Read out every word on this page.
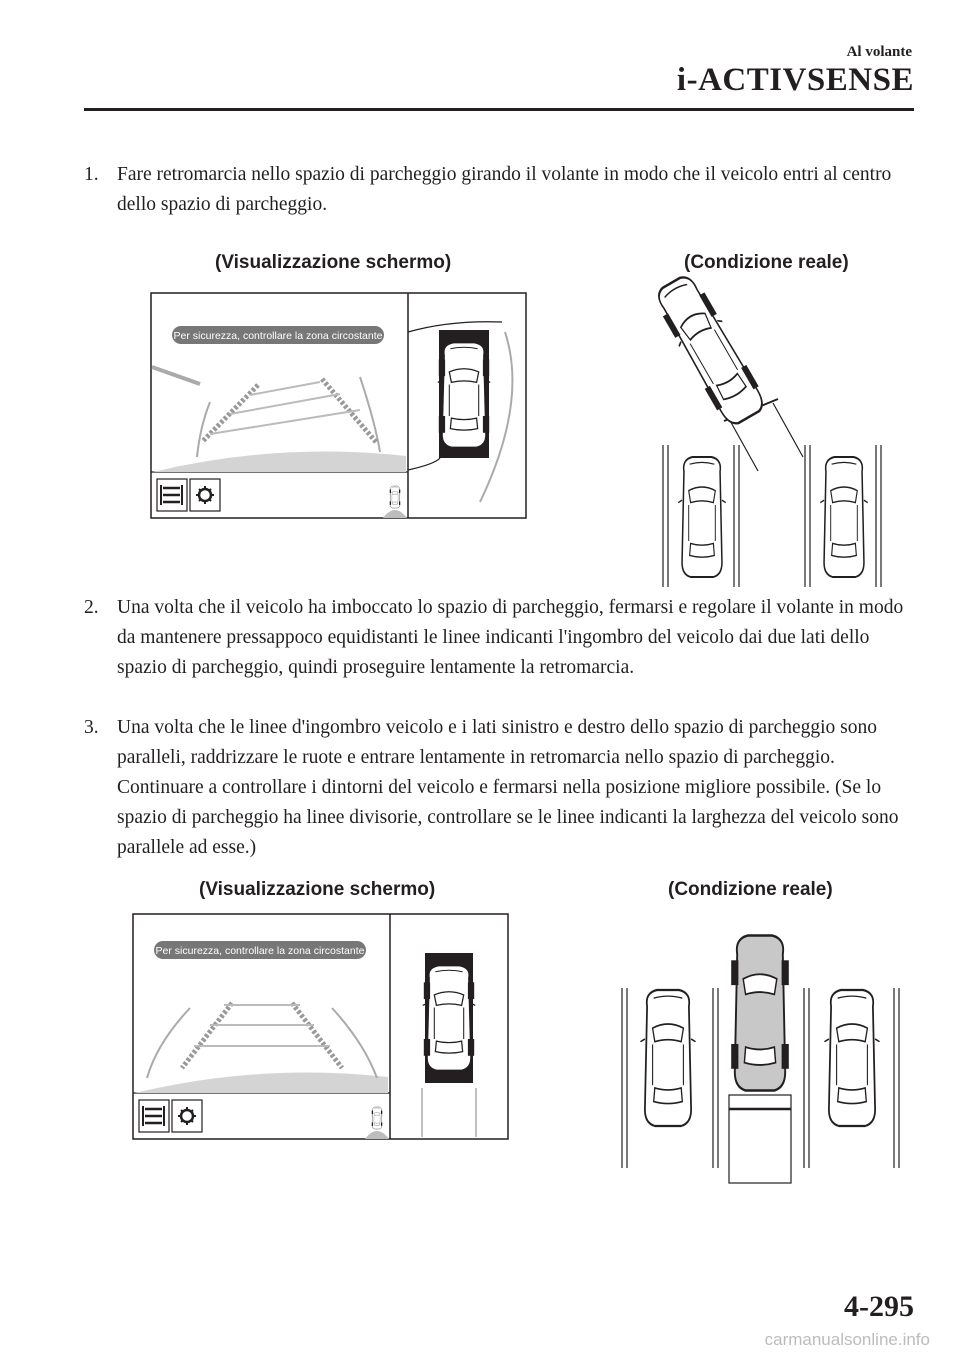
Al volante
i-ACTIVSENSE
1. Fare retromarcia nello spazio di parcheggio girando il volante in modo che il veicolo entri al centro dello spazio di parcheggio.
(Visualizzazione schermo)	(Condizione reale)
Per sicurezza, controllare la zona circostante
2. Una volta che il veicolo ha imboccato lo spazio di parcheggio, fermarsi e regolare il volante in modo da mantenere pressappoco equidistanti le linee indicanti l'ingombro del veicolo dai due lati dello spazio di parcheggio, quindi proseguire lentamente la retromarcia.
3. Una volta che le linee d'ingombro veicolo e i lati sinistro e destro dello spazio di parcheggio sono paralleli, raddrizzare le ruote e entrare lentamente in retromarcia nello spazio di parcheggio. Continuare a controllare i dintorni del veicolo e fermarsi nella posizione migliore possibile. (Se lo spazio di parcheggio ha linee divisorie, controllare se le linee indicanti la larghezza del veicolo sono parallele ad esse.)
(Visualizzazione schermo)	(Condizione reale)
Per sicurezza, controllare la zona circostante
4-295
carmanualsonline.info
